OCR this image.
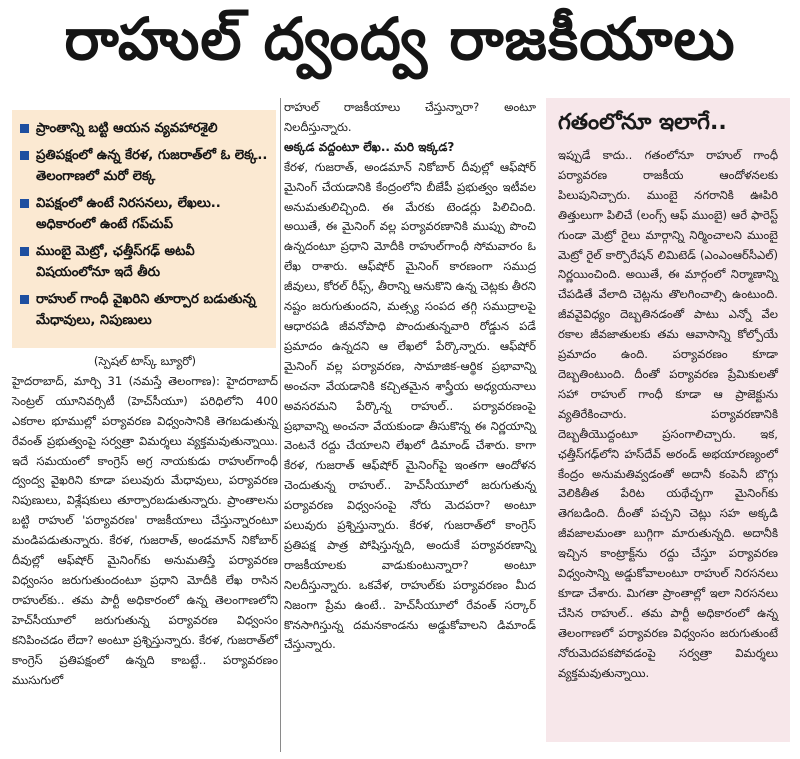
రాహుల్ ద్వంద్వ రాజకీయాలు
ప్రాంతాన్ని బట్టి ఆయన వ్యవహారశైలి
ప్రతిపక్షంలో ఉన్న కేరళ, గుజరాత్‌లో ఓ లెక్క.. తెలంగాణలో మరో లెక్క
విపక్షంలో ఉంటే నిరసనలు, లేఖలు.. అధికారంలో ఉంటే గప్‌చుప్
ముంబై మెట్రో, ఛత్తీస్‌గఢ్ అటవీ విషయంలోనూ ఇదే తీరు
రాహుల్ గాంధీ వైఖరిని తూర్పార బడుతున్న మేధావులు, నిపుణులు

(స్పెషల్ టాస్క్ బ్యూరో)

హైదరాబాద్, మార్చి 31 (నమస్తే తెలంగాణ): హైదరాబాద్ సెంట్రల్ యూనివర్సిటీ (హెచ్‌సీయూ) పరిధిలోని 400 ఎకరాల భూముల్లో పర్యావరణ విధ్వంసానికి తెగబడుతున్న రేవంత్ ప్రభుత్వంపై సర్వత్రా విమర్శలు వ్యక్తమవుతున్నాయి. ఇదే సమయంలో కాంగ్రెస్ అగ్ర నాయకుడు రాహుల్‌గాంధీ ద్వంద్వ వైఖరిని కూడా పలువురు మేధావులు, పర్యావరణ నిపుణులు, విశ్లేషకులు తూర్పారబడుతున్నారు. ప్రాంతాలను బట్టి రాహుల్ 'పర్యావరణ' రాజకీయాలు చేస్తున్నారంటూ మండిపడుతున్నారు. కేరళ, గుజరాత్, అండమాన్ నికోబార్ దీవుల్లో ఆఫ్‌షోర్ మైనింగ్‌కు అనుమతిస్తే పర్యావరణ విధ్వంసం జరుగుతుందంటూ ప్రధాని మోదీకి లేఖ రాసిన రాహుల్‌కు.. తమ పార్టీ అధికారంలో ఉన్న తెలంగాణలోని హెచ్‌సీయూలో జరుగుతున్న పర్యావరణ విధ్వంసం కనిపించడం లేదా? అంటూ ప్రశ్నిస్తున్నారు. కేరళ, గుజరాత్‌లో కాంగ్రెస్ ప్రతిపక్షంలో ఉన్నది కాబట్టే.. పర్యావరణం ముసుగులో

రాహుల్ రాజకీయాలు చేస్తున్నారా? అంటూ నిలదీస్తున్నారు.

అక్కడ వద్దంటూ లేఖ.. మరి ఇక్కడ?

కేరళ, గుజరాత్, అండమాన్ నికోబార్ దీవుల్లో ఆఫ్‌షోర్ మైనింగ్ చేయడానికి కేంద్రంలోని బీజేపీ ప్రభుత్వం ఇటీవల అనుమతులిచ్చింది. ఈ మేరకు టెండర్లు పిలిచింది. అయితే, ఈ మైనింగ్ వల్ల పర్యావరణానికి ముప్పు పొంచి ఉన్నదంటూ ప్రధాని మోదీకి రాహుల్‌గాంధీ సోమవారం ఓ లేఖ రాశారు. ఆఫ్‌షోర్ మైనింగ్ కారణంగా సముద్ర జీవులు, కోరల్ రీఫ్స్, తీరాన్ని ఆనుకొని ఉన్న చెట్లకు తీరని నష్టం జరుగుతుందని, మత్స్య సంపద తగ్గి సముద్రాలపై ఆధారపడి జీవనోపాధి పొందుతున్నవారి రోడ్డున పడే ప్రమాదం ఉన్నదని ఆ లేఖలో పేర్కొన్నారు. ఆఫ్‌షోర్ మైనింగ్ వల్ల పర్యావరణ, సామాజిక-ఆర్థిక ప్రభావాన్ని అంచనా వేయడానికి కచ్చితమైన శాస్త్రీయ అధ్యయనాలు అవసరమని పేర్కొన్న రాహుల్.. పర్యావరణంపై ప్రభావాన్ని అంచనా వేయకుండా తీసుకొన్న ఈ నిర్ణయాన్ని వెంటనే రద్దు చేయాలని లేఖలో డిమాండ్ చేశారు. కాగా కేరళ, గుజరాత్ ఆఫ్‌షోర్ మైనింగ్‌పై ఇంతగా ఆందోళన చెందుతున్న రాహుల్.. హెచ్‌సీయూలో జరుగుతున్న పర్యావరణ విధ్వంసంపై నోరు మెదపరా? అంటూ పలువురు ప్రశ్నిస్తున్నారు. కేరళ, గుజరాత్‌లో కాంగ్రెస్ ప్రతిపక్ష పాత్ర పోషిస్తున్నది, అందుకే పర్యావరణాన్ని రాజకీయాలకు వాడుకుంటున్నారా? అంటూ నిలదీస్తున్నారు. ఒకవేళ, రాహుల్‌కు పర్యావరణం మీద నిజంగా ప్రేమ ఉంటే.. హెచ్‌సీయూలో రేవంత్ సర్కార్ కొనసాగిస్తున్న దమనకాండను అడ్డుకోవాలని డిమాండ్ చేస్తున్నారు.

గతంలోనూ ఇలాగే..
ఇప్పుడే కాదు.. గతంలోనూ రాహుల్ గాంధీ పర్యావరణ రాజకీయ ఆందోళనలకు పిలుపునిచ్చారు. ముంబై నగరానికి ఊపిరి తిత్తులుగా పిలిచే (లంగ్స్ ఆఫ్ ముంబై) ఆరే ఫారెస్ట్ గుండా మెట్రో రైలు మార్గాన్ని నిర్మించాలని ముంబై మెట్రో రైల్ కార్పొరేషన్ లిమిటెడ్ (ఎంఎంఆర్‌సీఎల్) నిర్ణయించింది. అయితే, ఈ మార్గంలో నిర్మాణాన్ని చేపడితే వేలాది చెట్లను తొలగించాల్సి ఉంటుంది. జీవవైవిధ్యం దెబ్బతినడంతో పాటు ఎన్నో వేల రకాల జీవజాతులకు తమ ఆవాసాన్ని కోల్పోయే ప్రమాదం ఉంది. పర్యావరణం కూడా దెబ్బతింటుంది. దీంతో పర్యావరణ ప్రేమికులతో సహా రాహుల్ గాంధీ కూడా ఆ ప్రాజెక్టును వ్యతిరేకించారు. పర్యావరణానికి దెబ్బతీయొద్దంటూ ప్రసంగాలిచ్చారు. ఇక, ఛత్తీస్‌గఢ్‌లోని హస్‌దేవ్ అరండ్ అభయారణ్యంలో కేంద్రం అనుమతివ్వడంతో అదానీ కంపెనీ బొగ్గు వెలికితీత పేరిట యథేచ్ఛగా మైనింగ్‌కు తెగబడింది. దీంతో పచ్చని చెట్లు సహ అక్కడి జీవజాలమంతా బుగ్గిగా మారుతున్నది. అదానీకి ఇచ్చిన కాంట్రాక్ట్‌ను రద్దు చేస్తూ పర్యావరణ విధ్వంసాన్ని అడ్డుకోవాలంటూ రాహుల్ నిరసనలు కూడా చేశారు. మిగతా ప్రాంతాల్లో ఇలా నిరసనలు చేసిన రాహుల్.. తమ పార్టీ అధికారంలో ఉన్న తెలంగాణలో పర్యావరణ విధ్వంసం జరుగుతుంటే నోరుమెదపకపోవడంపై సర్వత్రా విమర్శలు వ్యక్తమవుతున్నాయి.
